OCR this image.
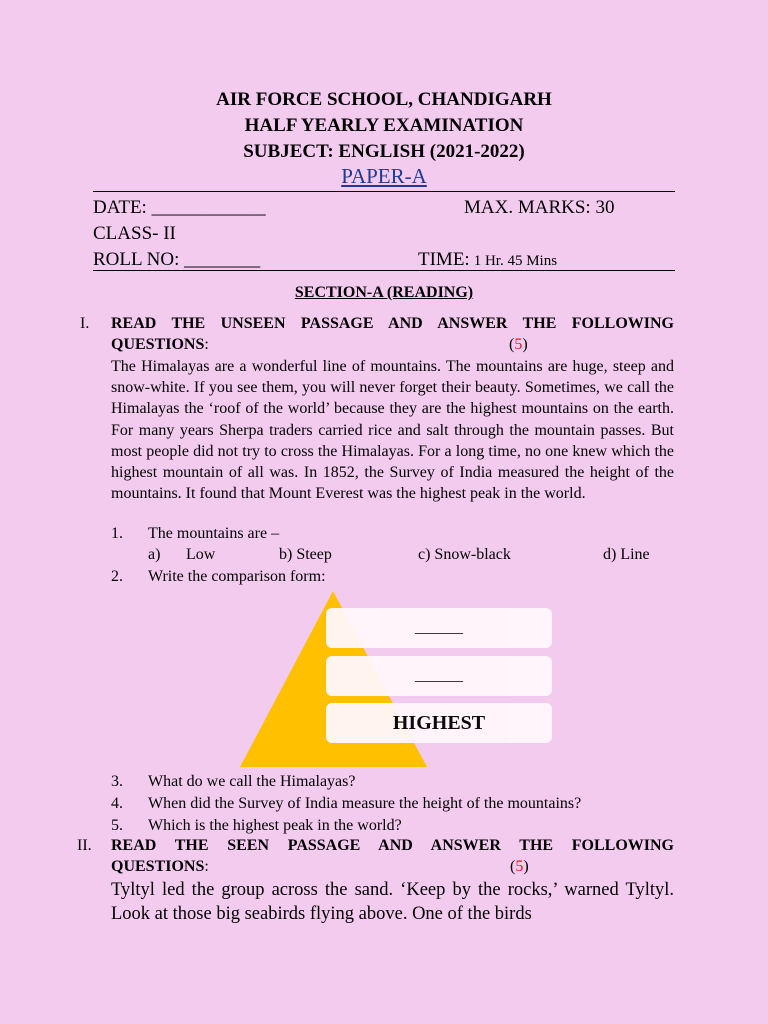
AIR FORCE SCHOOL, CHANDIGARH
HALF YEARLY EXAMINATION
SUBJECT: ENGLISH (2021-2022)
PAPER-A
DATE: ____________	MAX. MARKS: 30
CLASS- II
ROLL NO: ________	TIME: 1 Hr. 45 Mins
SECTION-A (READING)
I. READ THE UNSEEN PASSAGE AND ANSWER THE FOLLOWING
QUESTIONS:	(5)
The Himalayas are a wonderful line of mountains. The mountains are huge, steep and snow-white. If you see them, you will never forget their beauty. Sometimes, we call the Himalayas the ‘roof of the world’ because they are the highest mountains on the earth. For many years Sherpa traders carried rice and salt through the mountain passes. But most people did not try to cross the Himalayas. For a long time, no one knew which the highest mountain of all was. In 1852, the Survey of India measured the height of the mountains. It found that Mount Everest was the highest peak in the world.
1. The mountains are –
a) Low	b) Steep	c) Snow-black	d) Line
2. Write the comparison form:
______
______
HIGHEST
3. What do we call the Himalayas?
4. When did the Survey of India measure the height of the mountains?
5. Which is the highest peak in the world?
II. READ THE SEEN PASSAGE AND ANSWER THE FOLLOWING
QUESTIONS:	(5)
Tyltyl led the group across the sand. ‘Keep by the rocks,’ warned Tyltyl. Look at those big seabirds flying above. One of the birds
